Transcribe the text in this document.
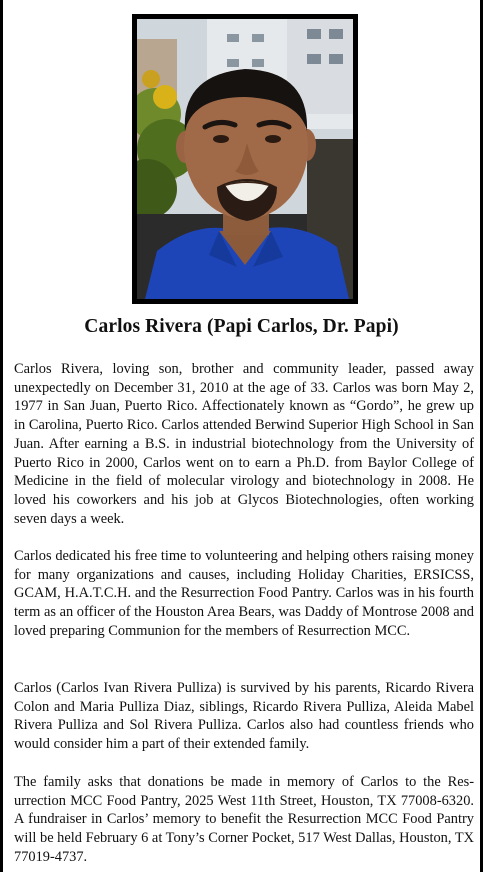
Carlos Rivera (Papi Carlos, Dr. Papi)

Carlos Rivera, loving son, brother and community leader, passed away unexpectedly on December 31, 2010 at the age of 33. Carlos was born May 2, 1977 in San Juan, Puerto Rico. Affectionately known as “Gordo”, he grew up in Carolina, Puerto Rico. Carlos attended Berwind Superior High School in San Juan. After earning a B.S. in industrial biotechnology from the University of Puerto Rico in 2000, Carlos went on to earn a Ph.D. from Baylor College of Medicine in the field of molecular virology and biotechnology in 2008. He loved his coworkers and his job at Glycos Biotechnologies, often working seven days a week.

Carlos dedicated his free time to volunteering and helping others raising money for many organizations and causes, including Holiday Charities, ERSICSS, GCAM, H.A.T.C.H. and the Resurrection Food Pantry. Carlos was in his fourth term as an officer of the Houston Area Bears, was Daddy of Montrose 2008 and loved preparing Communion for the members of Resurrection MCC.

Carlos (Carlos Ivan Rivera Pulliza) is survived by his parents, Ricardo Rivera Colon and Maria Pulliza Diaz, siblings, Ricardo Rivera Pulliza, Aleida Mabel Rivera Pulliza and Sol Rivera Pulliza. Carlos also had countless friends who would consider him a part of their extended family.

The family asks that donations be made in memory of Carlos to the Resurrection MCC Food Pantry, 2025 West 11th Street, Houston, TX 77008-6320. A fundraiser in Carlos’ memory to benefit the Resurrection MCC Food Pantry will be held February 6 at Tony’s Corner Pocket, 517 West Dallas, Houston, TX 77019-4737.
